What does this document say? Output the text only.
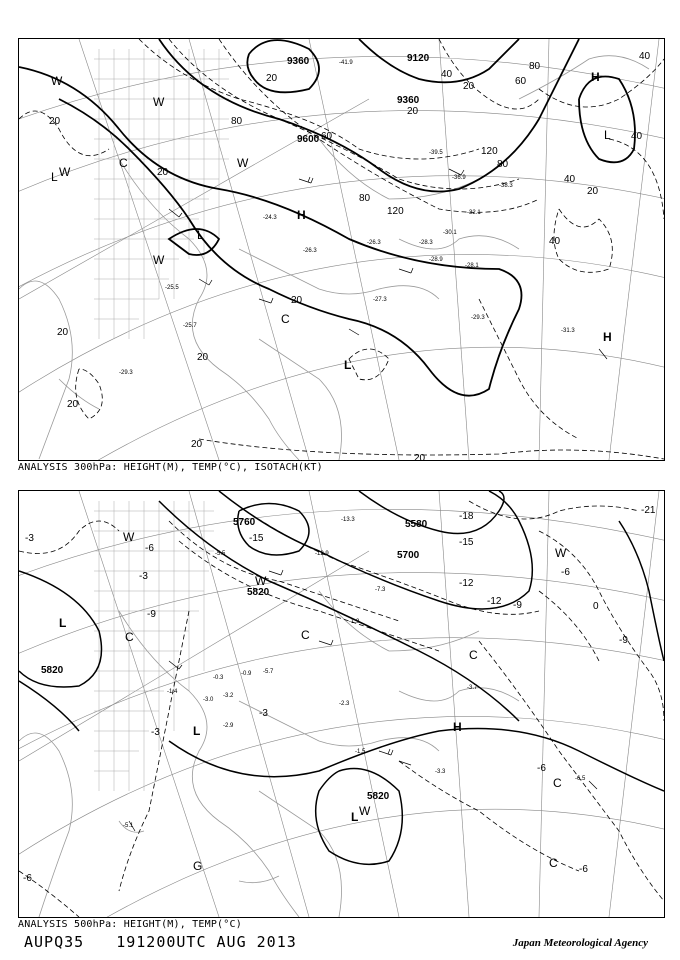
9360	9120
9360
9600
20
20
80
60
40
20
20
60
80
40
40
20
40
20
20
20
20
20
20
40
80
120
80
120
20
W
W
L W
C	W
W
L
H
C
L
H
H
L
-41.9
-39.5
-36.9
-38.3
-32.1
-30.1
-28.3
-28.9
-28.1
-26.3
-24.3
-26.3
-27.3
-29.3
-25.5
-25.7
-29.3
-31.3
ANALYSIS 300hPa: HEIGHT(M), TEMP(°C), ISOTACH(KT)
5760	5580
5700
5820
5820
5820
-3	-15
-12 -9
-6
-3
-3
-6
-9
-6
-6
-12
-15
-18
-3
-9
-6
0
-21
L
W
C
W
C
L
L W
H
C
W
C
C
G
-13.3
-12.9
-5.5
-7.3
-1.9
-2.3
-3.7
-3.3
-6.5
-1.5
-2.9
-3.0
-5.1
-0.3
-5.7
-3.2
-1.4
-0.9
ANALYSIS 500hPa: HEIGHT(M), TEMP(°C)
AUPQ35 191200UTC AUG 2013	Japan Meteorological Agency
